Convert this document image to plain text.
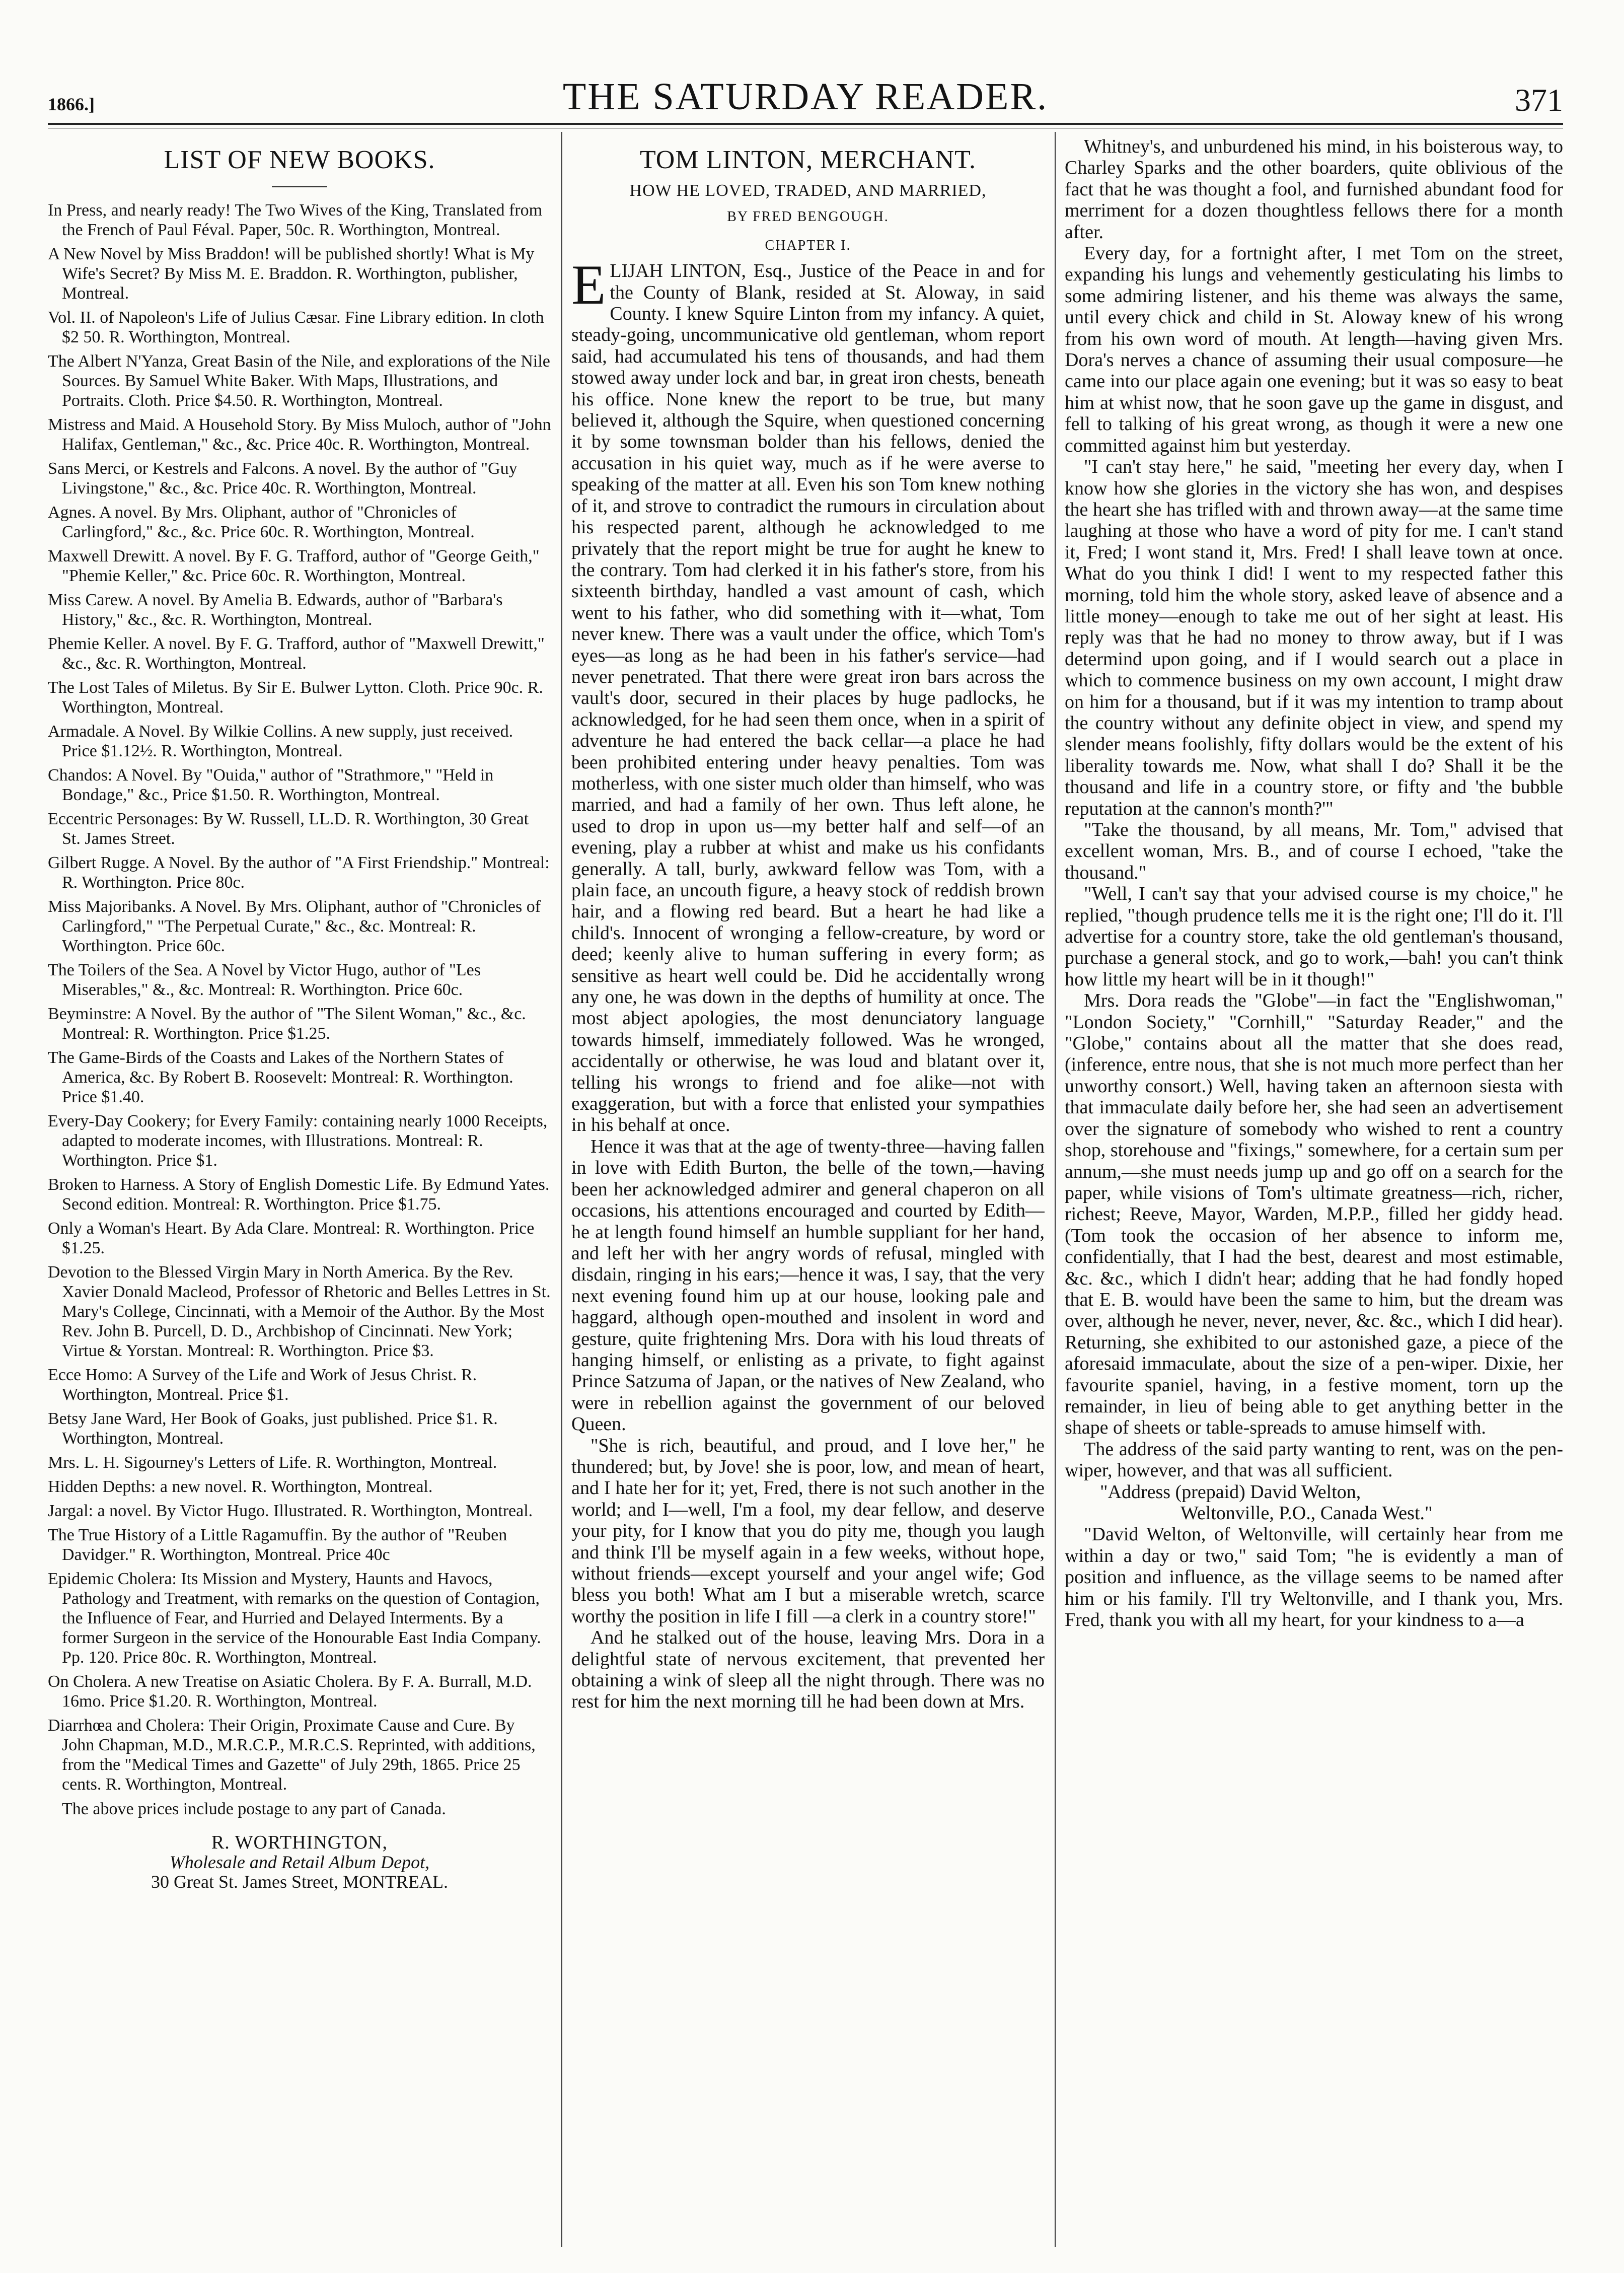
1866.]	THE SATURDAY READER.	371
LIST OF NEW BOOKS.

In Press, and nearly ready! The Two Wives of the King, Translated from the French of Paul Féval. Paper, 50c. R. Worthington, Montreal.

A New Novel by Miss Braddon! will be published shortly! What is My Wife's Secret? By Miss M. E. Braddon. R. Worthington, publisher, Montreal.

Vol. II. of Napoleon's Life of Julius Cæsar. Fine Library edition. In cloth $2 50. R. Worthington, Montreal.

The Albert N'Yanza, Great Basin of the Nile, and explorations of the Nile Sources. By Samuel White Baker. With Maps, Illustrations, and Portraits. Cloth. Price $4.50. R. Worthington, Montreal.

Mistress and Maid. A Household Story. By Miss Muloch, author of "John Halifax, Gentleman," &c., &c. Price 40c. R. Worthington, Montreal.

Sans Merci, or Kestrels and Falcons. A novel. By the author of "Guy Livingstone," &c., &c. Price 40c. R. Worthington, Montreal.

Agnes. A novel. By Mrs. Oliphant, author of "Chronicles of Carlingford," &c., &c. Price 60c. R. Worthington, Montreal.

Maxwell Drewitt. A novel. By F. G. Trafford, author of "George Geith," "Phemie Keller," &c. Price 60c. R. Worthington, Montreal.

Miss Carew. A novel. By Amelia B. Edwards, author of "Barbara's History," &c., &c. R. Worthington, Montreal.

Phemie Keller. A novel. By F. G. Trafford, author of "Maxwell Drewitt," &c., &c. R. Worthington, Montreal.

The Lost Tales of Miletus. By Sir E. Bulwer Lytton. Cloth. Price 90c. R. Worthington, Montreal.

Armadale. A Novel. By Wilkie Collins. A new supply, just received. Price $1.12½. R. Worthington, Montreal.

Chandos: A Novel. By "Ouida," author of "Strathmore," "Held in Bondage," &c., Price $1.50. R. Worthington, Montreal.

Eccentric Personages: By W. Russell, LL.D. R. Worthington, 30 Great St. James Street.

Gilbert Rugge. A Novel. By the author of "A First Friendship." Montreal: R. Worthington. Price 80c.

Miss Majoribanks. A Novel. By Mrs. Oliphant, author of "Chronicles of Carlingford," "The Perpetual Curate," &c., &c. Montreal: R. Worthington. Price 60c.

The Toilers of the Sea. A Novel by Victor Hugo, author of "Les Miserables," &., &c. Montreal: R. Worthington. Price 60c.

Beyminstre: A Novel. By the author of "The Silent Woman," &c., &c. Montreal: R. Worthington. Price $1.25.

The Game-Birds of the Coasts and Lakes of the Northern States of America, &c. By Robert B. Roosevelt: Montreal: R. Worthington. Price $1.40.

Every-Day Cookery; for Every Family: containing nearly 1000 Receipts, adapted to moderate incomes, with Illustrations. Montreal: R. Worthington. Price $1.

Broken to Harness. A Story of English Domestic Life. By Edmund Yates. Second edition. Montreal: R. Worthington. Price $1.75.

Only a Woman's Heart. By Ada Clare. Montreal: R. Worthington. Price $1.25.

Devotion to the Blessed Virgin Mary in North America. By the Rev. Xavier Donald Macleod, Professor of Rhetoric and Belles Lettres in St. Mary's College, Cincinnati, with a Memoir of the Author. By the Most Rev. John B. Purcell, D. D., Archbishop of Cincinnati. New York; Virtue & Yorstan. Montreal: R. Worthington. Price $3.

Ecce Homo: A Survey of the Life and Work of Jesus Christ. R. Worthington, Montreal. Price $1.

Betsy Jane Ward, Her Book of Goaks, just published. Price $1. R. Worthington, Montreal.

Mrs. L. H. Sigourney's Letters of Life. R. Worthington, Montreal.

Hidden Depths: a new novel. R. Worthington, Montreal.

Jargal: a novel. By Victor Hugo. Illustrated. R. Worthington, Montreal.

The True History of a Little Ragamuffin. By the author of "Reuben Davidger." R. Worthington, Montreal. Price 40c

Epidemic Cholera: Its Mission and Mystery, Haunts and Havocs, Pathology and Treatment, with remarks on the question of Contagion, the Influence of Fear, and Hurried and Delayed Interments. By a former Surgeon in the service of the Honourable East India Company. Pp. 120. Price 80c. R. Worthington, Montreal.

On Cholera. A new Treatise on Asiatic Cholera. By F. A. Burrall, M.D. 16mo. Price $1.20. R. Worthington, Montreal.

Diarrhœa and Cholera: Their Origin, Proximate Cause and Cure. By John Chapman, M.D., M.R.C.P., M.R.C.S. Reprinted, with additions, from the "Medical Times and Gazette" of July 29th, 1865. Price 25 cents. R. Worthington, Montreal.

The above prices include postage to any part of Canada.

R. WORTHINGTON,
Wholesale and Retail Album Depot,
30 Great St. James Street, MONTREAL.
TOM LINTON, MERCHANT.
HOW HE LOVED, TRADED, AND MARRIED,
BY FRED BENGOUGH.
CHAPTER I.

ELIJAH LINTON, Esq., Justice of the Peace in and for the County of Blank, resided at St. Aloway, in said County. I knew Squire Linton from my infancy. A quiet, steady-going, uncommunicative old gentleman, whom report said, had accumulated his tens of thousands, and had them stowed away under lock and bar, in great iron chests, beneath his office. None knew the report to be true, but many believed it, although the Squire, when questioned concerning it by some townsman bolder than his fellows, denied the accusation in his quiet way, much as if he were averse to speaking of the matter at all. Even his son Tom knew nothing of it, and strove to contradict the rumours in circulation about his respected parent, although he acknowledged to me privately that the report might be true for aught he knew to the contrary. Tom had clerked it in his father's store, from his sixteenth birthday, handled a vast amount of cash, which went to his father, who did something with it—what, Tom never knew. There was a vault under the office, which Tom's eyes—as long as he had been in his father's service—had never penetrated. That there were great iron bars across the vault's door, secured in their places by huge padlocks, he acknowledged, for he had seen them once, when in a spirit of adventure he had entered the back cellar—a place he had been prohibited entering under heavy penalties. Tom was motherless, with one sister much older than himself, who was married, and had a family of her own. Thus left alone, he used to drop in upon us—my better half and self—of an evening, play a rubber at whist and make us his confidants generally. A tall, burly, awkward fellow was Tom, with a plain face, an uncouth figure, a heavy stock of reddish brown hair, and a flowing red beard. But a heart he had like a child's. Innocent of wronging a fellow-creature, by word or deed; keenly alive to human suffering in every form; as sensitive as heart well could be. Did he accidentally wrong any one, he was down in the depths of humility at once. The most abject apologies, the most denunciatory language towards himself, immediately followed. Was he wronged, accidentally or otherwise, he was loud and blatant over it, telling his wrongs to friend and foe alike—not with exaggeration, but with a force that enlisted your sympathies in his behalf at once.

Hence it was that at the age of twenty-three—having fallen in love with Edith Burton, the belle of the town,—having been her acknowledged admirer and general chaperon on all occasions, his attentions encouraged and courted by Edith—he at length found himself an humble suppliant for her hand, and left her with her angry words of refusal, mingled with disdain, ringing in his ears;—hence it was, I say, that the very next evening found him up at our house, looking pale and haggard, although open-mouthed and insolent in word and gesture, quite frightening Mrs. Dora with his loud threats of hanging himself, or enlisting as a private, to fight against Prince Satzuma of Japan, or the natives of New Zealand, who were in rebellion against the government of our beloved Queen.

"She is rich, beautiful, and proud, and I love her," he thundered; but, by Jove! she is poor, low, and mean of heart, and I hate her for it; yet, Fred, there is not such another in the world; and I—well, I'm a fool, my dear fellow, and deserve your pity, for I know that you do pity me, though you laugh and think I'll be myself again in a few weeks, without hope, without friends—except yourself and your angel wife; God bless you both! What am I but a miserable wretch, scarce worthy the position in life I fill —a clerk in a country store!"

And he stalked out of the house, leaving Mrs. Dora in a delightful state of nervous excitement, that prevented her obtaining a wink of sleep all the night through. There was no rest for him the next morning till he had been down at Mrs.

Whitney's, and unburdened his mind, in his boisterous way, to Charley Sparks and the other boarders, quite oblivious of the fact that he was thought a fool, and furnished abundant food for merriment for a dozen thoughtless fellows there for a month after.

Every day, for a fortnight after, I met Tom on the street, expanding his lungs and vehemently gesticulating his limbs to some admiring listener, and his theme was always the same, until every chick and child in St. Aloway knew of his wrong from his own word of mouth. At length—having given Mrs. Dora's nerves a chance of assuming their usual composure—he came into our place again one evening; but it was so easy to beat him at whist now, that he soon gave up the game in disgust, and fell to talking of his great wrong, as though it were a new one committed against him but yesterday.

"I can't stay here," he said, "meeting her every day, when I know how she glories in the victory she has won, and despises the heart she has trifled with and thrown away—at the same time laughing at those who have a word of pity for me. I can't stand it, Fred; I wont stand it, Mrs. Fred! I shall leave town at once. What do you think I did! I went to my respected father this morning, told him the whole story, asked leave of absence and a little money—enough to take me out of her sight at least. His reply was that he had no money to throw away, but if I was determind upon going, and if I would search out a place in which to commence business on my own account, I might draw on him for a thousand, but if it was my intention to tramp about the country without any definite object in view, and spend my slender means foolishly, fifty dollars would be the extent of his liberality towards me. Now, what shall I do? Shall it be the thousand and life in a country store, or fifty and 'the bubble reputation at the cannon's month?'"

"Take the thousand, by all means, Mr. Tom," advised that excellent woman, Mrs. B., and of course I echoed, "take the thousand."

"Well, I can't say that your advised course is my choice," he replied, "though prudence tells me it is the right one; I'll do it. I'll advertise for a country store, take the old gentleman's thousand, purchase a general stock, and go to work,—bah! you can't think how little my heart will be in it though!"

Mrs. Dora reads the "Globe"—in fact the "Englishwoman," "London Society," "Cornhill," "Saturday Reader," and the "Globe," contains about all the matter that she does read, (inference, entre nous, that she is not much more perfect than her unworthy consort.) Well, having taken an afternoon siesta with that immaculate daily before her, she had seen an advertisement over the signature of somebody who wished to rent a country shop, storehouse and "fixings," somewhere, for a certain sum per annum,—she must needs jump up and go off on a search for the paper, while visions of Tom's ultimate greatness—rich, richer, richest; Reeve, Mayor, Warden, M.P.P., filled her giddy head. (Tom took the occasion of her absence to inform me, confidentially, that I had the best, dearest and most estimable, &c. &c., which I didn't hear; adding that he had fondly hoped that E. B. would have been the same to him, but the dream was over, although he never, never, never, &c. &c., which I did hear). Returning, she exhibited to our astonished gaze, a piece of the aforesaid immaculate, about the size of a pen-wiper. Dixie, her favourite spaniel, having, in a festive moment, torn up the remainder, in lieu of being able to get anything better in the shape of sheets or table-spreads to amuse himself with.

The address of the said party wanting to rent, was on the pen-wiper, however, and that was all sufficient.

"Address (prepaid) David Welton,

Weltonville, P.O., Canada West."

"David Welton, of Weltonville, will certainly hear from me within a day or two," said Tom; "he is evidently a man of position and influence, as the village seems to be named after him or his family. I'll try Weltonville, and I thank you, Mrs. Fred, thank you with all my heart, for your kindness to a—a
